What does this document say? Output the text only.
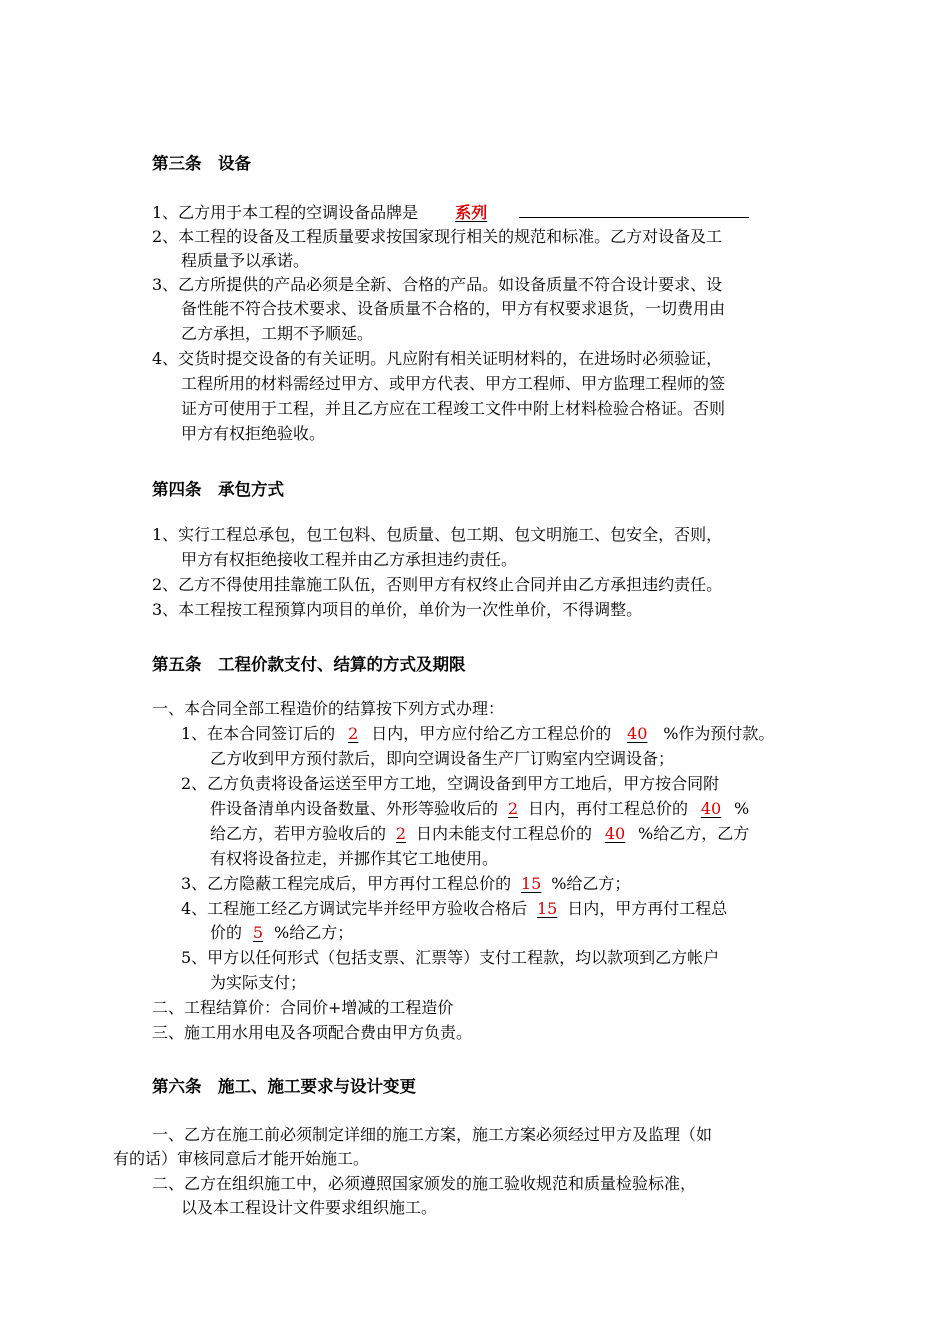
第三条　设备
1、乙方用于本工程的空调设备品牌是 系列
2、本工程的设备及工程质量要求按国家现行相关的规范和标准。乙方对设备及工
程质量予以承诺。
3、乙方所提供的产品必须是全新、合格的产品。如设备质量不符合设计要求、设
备性能不符合技术要求、设备质量不合格的，甲方有权要求退货，一切费用由
乙方承担，工期不予顺延。
4、交货时提交设备的有关证明。凡应附有相关证明材料的，在进场时必须验证，
工程所用的材料需经过甲方、或甲方代表、甲方工程师、甲方监理工程师的签
证方可使用于工程，并且乙方应在工程竣工文件中附上材料检验合格证。否则
甲方有权拒绝验收。
第四条　承包方式
1、实行工程总承包，包工包料、包质量、包工期、包文明施工、包安全，否则，
甲方有权拒绝接收工程并由乙方承担违约责任。
2、乙方不得使用挂靠施工队伍，否则甲方有权终止合同并由乙方承担违约责任。
3、本工程按工程预算内项目的单价，单价为一次性单价，不得调整。
第五条　工程价款支付、结算的方式及期限
一、本合同全部工程造价的结算按下列方式办理：
1、在本合同签订后的 2 日内，甲方应付给乙方工程总价的 40 %作为预付款。
乙方收到甲方预付款后，即向空调设备生产厂订购室内空调设备；
2、乙方负责将设备运送至甲方工地，空调设备到甲方工地后，甲方按合同附
件设备清单内设备数量、外形等验收后的 2 日内，再付工程总价的 40 %
给乙方，若甲方验收后的 2 日内未能支付工程总价的 40 %给乙方，乙方
有权将设备拉走，并挪作其它工地使用。
3、乙方隐蔽工程完成后，甲方再付工程总价的 15 %给乙方；
4、工程施工经乙方调试完毕并经甲方验收合格后 15 日内，甲方再付工程总
价的 5 %给乙方；
5、甲方以任何形式（包括支票、汇票等）支付工程款，均以款项到乙方帐户
为实际支付；
二、工程结算价：合同价+增减的工程造价
三、施工用水用电及各项配合费由甲方负责。
第六条　施工、施工要求与设计变更
一、乙方在施工前必须制定详细的施工方案，施工方案必须经过甲方及监理（如
有的话）审核同意后才能开始施工。
二、乙方在组织施工中，必须遵照国家颁发的施工验收规范和质量检验标准，
以及本工程设计文件要求组织施工。
